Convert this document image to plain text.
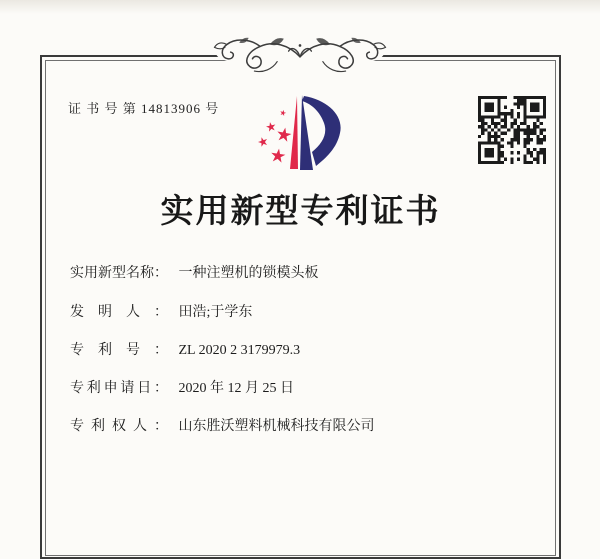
证 书 号 第 14813906 号
实用新型专利证书
实用新型名称： 一种注塑机的锁模头板
发明人： 田浩;于学东
专利号： ZL 2020 2 3179979.3
专利申请日： 2020 年 12 月 25 日
专利权人： 山东胜沃塑料机械科技有限公司
